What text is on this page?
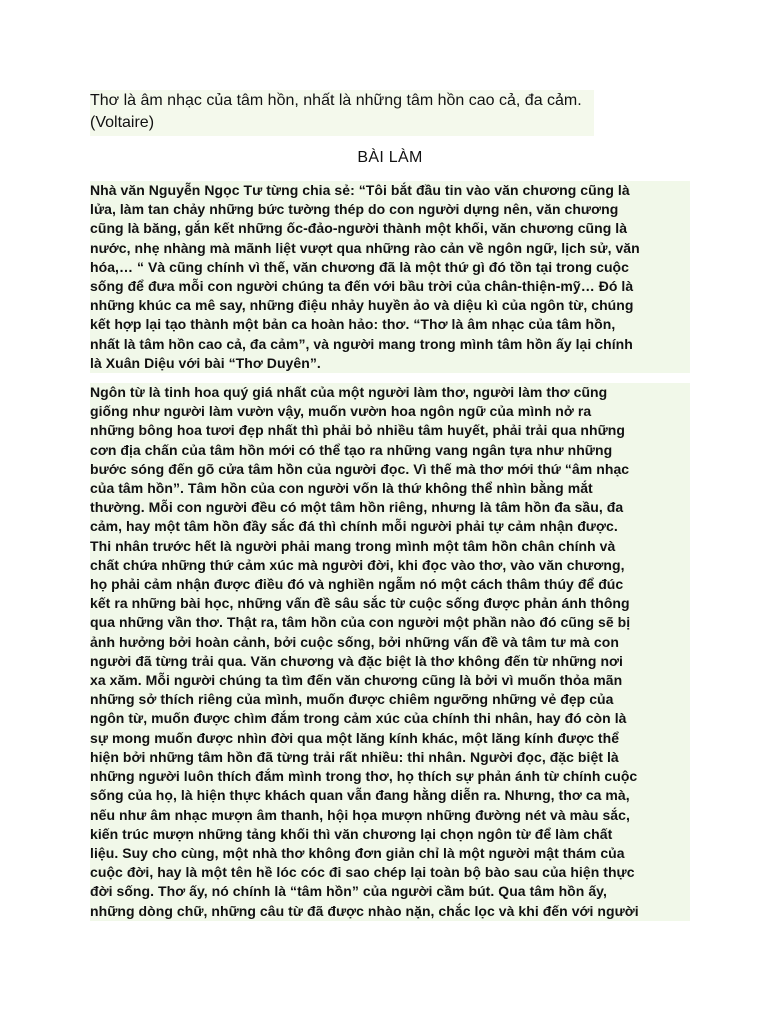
Thơ là âm nhạc của tâm hồn, nhất là những tâm hồn cao cả, đa cảm.
(Voltaire)
BÀI LÀM
Nhà văn Nguyễn Ngọc Tư từng chia sẻ: “Tôi bắt đầu tin vào văn chương cũng là
lửa, làm tan chảy những bức tường thép do con người dựng nên, văn chương
cũng là băng, gắn kết những ốc-đảo-người thành một khối, văn chương cũng là
nước, nhẹ nhàng mà mãnh liệt vượt qua những rào cản về ngôn ngữ, lịch sử, văn
hóa,… “ Và cũng chính vì thế, văn chương đã là một thứ gì đó tồn tại trong cuộc
sống để đưa mỗi con người chúng ta đến với bầu trời của chân-thiện-mỹ… Đó là
những khúc ca mê say, những điệu nhảy huyền ảo và diệu kì của ngôn từ, chúng
kết hợp lại tạo thành một bản ca hoàn hảo: thơ. “Thơ là âm nhạc của tâm hồn,
nhất là tâm hồn cao cả, đa cảm”, và người mang trong mình tâm hồn ấy lại chính
là Xuân Diệu với bài “Thơ Duyên”.
Ngôn từ là tinh hoa quý giá nhất của một người làm thơ, người làm thơ cũng
giống như người làm vườn vậy, muốn vườn hoa ngôn ngữ của mình nở ra
những bông hoa tươi đẹp nhất thì phải bỏ nhiều tâm huyết, phải trải qua những
cơn địa chấn của tâm hồn mới có thể tạo ra những vang ngân tựa như những
bước sóng đến gõ cửa tâm hồn của người đọc. Vì thế mà thơ mới thứ “âm nhạc
của tâm hồn”. Tâm hồn của con người vốn là thứ không thể nhìn bằng mắt
thường. Mỗi con người đều có một tâm hồn riêng, nhưng là tâm hồn đa sầu, đa
cảm, hay một tâm hồn đầy sắc đá thì chính mỗi người phải tự cảm nhận được.
Thi nhân trước hết là người phải mang trong mình một tâm hồn chân chính và
chất chứa những thứ cảm xúc mà người đời, khi đọc vào thơ, vào văn chương,
họ phải cảm nhận được điều đó và nghiền ngẫm nó một cách thâm thúy để đúc
kết ra những bài học, những vấn đề sâu sắc từ cuộc sống được phản ánh thông
qua những vần thơ. Thật ra, tâm hồn của con người một phần nào đó cũng sẽ bị
ảnh hưởng bởi hoàn cảnh, bởi cuộc sống, bởi những vấn đề và tâm tư mà con
người đã từng trải qua. Văn chương và đặc biệt là thơ không đến từ những nơi
xa xăm. Mỗi người chúng ta tìm đến văn chương cũng là bởi vì muốn thỏa mãn
những sở thích riêng của mình, muốn được chiêm ngưỡng những vẻ đẹp của
ngôn từ, muốn được chìm đắm trong cảm xúc của chính thi nhân, hay đó còn là
sự mong muốn được nhìn đời qua một lăng kính khác, một lăng kính được thể
hiện bởi những tâm hồn đã từng trải rất nhiều: thi nhân. Người đọc, đặc biệt là
những người luôn thích đắm mình trong thơ, họ thích sự phản ánh từ chính cuộc
sống của họ, là hiện thực khách quan vẫn đang hằng diễn ra. Nhưng, thơ ca mà,
nếu như âm nhạc mượn âm thanh, hội họa mượn những đường nét và màu sắc,
kiến trúc mượn những tảng khối thì văn chương lại chọn ngôn từ để làm chất
liệu. Suy cho cùng, một nhà thơ không đơn giản chỉ là một người mật thám của
cuộc đời, hay là một tên hề lóc cóc đi sao chép lại toàn bộ bào sau của hiện thực
đời sống. Thơ ấy, nó chính là “tâm hồn” của người cầm bút. Qua tâm hồn ấy,
những dòng chữ, những câu từ đã được nhào nặn, chắc lọc và khi đến với người
